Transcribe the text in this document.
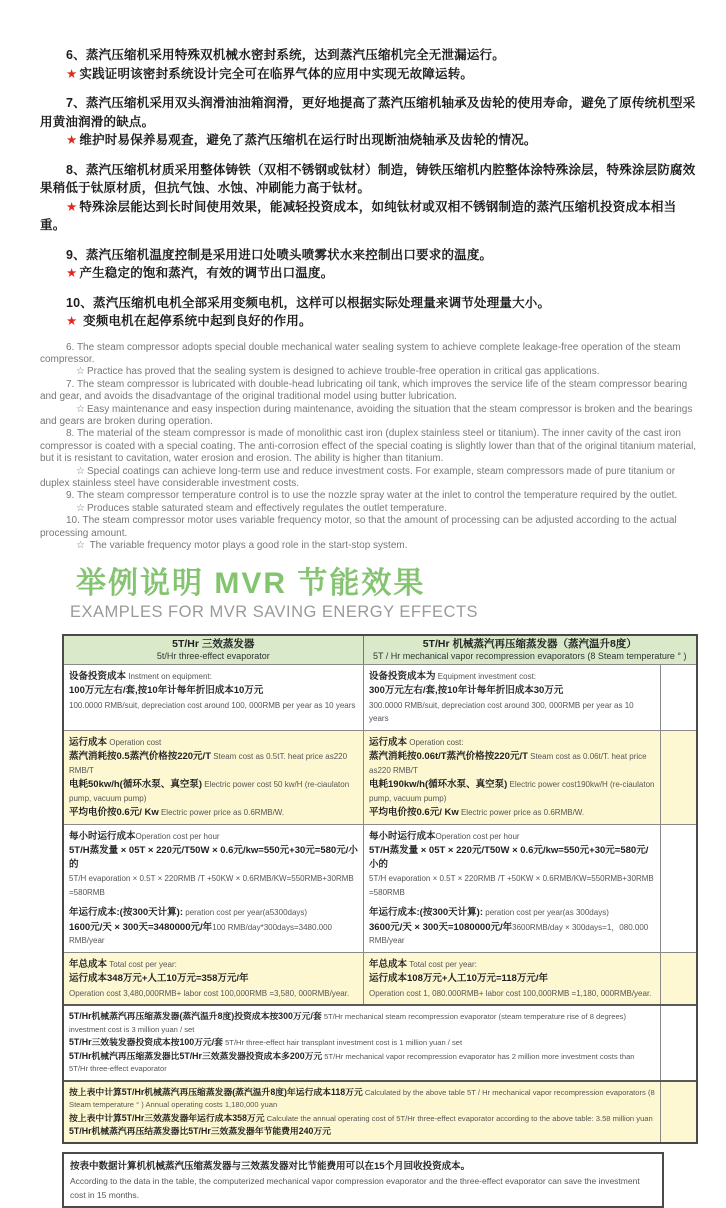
6、蒸汽压缩机采用特殊双机械水密封系统，达到蒸汽压缩机完全无泄漏运行。

★ 实践证明该密封系统设计完全可在临界气体的应用中实现无故障运转。

7、蒸汽压缩机采用双头润滑油油箱润滑，更好地提高了蒸汽压缩机轴承及齿轮的使用寿命，避免了原传统机型采用黄油润滑的缺点。

★ 维护时易保养易观查，避免了蒸汽压缩机在运行时出现断油烧轴承及齿轮的情况。

8、蒸汽压缩机材质采用整体铸铁（双相不锈钢或钛材）制造，铸铁压缩机内腔整体涂特殊涂层，特殊涂层防腐效果稍低于钛原材质，但抗气蚀、水蚀、冲刷能力高于钛材。

★ 特殊涂层能达到长时间使用效果，能减轻投资成本，如纯钛材或双相不锈钢制造的蒸汽压缩机投资成本相当重。

9、蒸汽压缩机温度控制是采用进口处喷头喷雾状水来控制出口要求的温度。

★ 产生稳定的饱和蒸汽，有效的调节出口温度。

10、蒸汽压缩机电机全部采用变频电机，这样可以根据实际处理量来调节处理量大小。

★ 变频电机在起停系统中起到良好的作用。

6. The steam compressor adopts special double mechanical water sealing system to achieve complete leakage-free operation of the steam compressor.

☆ Practice has proved that the sealing system is designed to achieve trouble-free operation in critical gas applications.

7. The steam compressor is lubricated with double-head lubricating oil tank, which improves the service life of the steam compressor bearing and gear, and avoids the disadvantage of the original traditional model using butter lubrication.

☆ Easy maintenance and easy inspection during maintenance, avoiding the situation that the steam compressor is broken and the bearings and gears are broken during operation.

8. The material of the steam compressor is made of monolithic cast iron (duplex stainless steel or titanium). The inner cavity of the cast iron compressor is coated with a special coating. The anti-corrosion effect of the special coating is slightly lower than that of the original titanium material, but it is resistant to cavitation, water erosion and erosion. The ability is higher than titanium.

☆ Special coatings can achieve long-term use and reduce investment costs. For example, steam compressors made of pure titanium or duplex stainless steel have considerable investment costs.

9. The steam compressor temperature control is to use the nozzle spray water at the inlet to control the temperature required by the outlet.

☆ Produces stable saturated steam and effectively regulates the outlet temperature.

10. The steam compressor motor uses variable frequency motor, so that the amount of processing can be adjusted according to the actual processing amount.

☆ The variable frequency motor plays a good role in the start-stop system.

举例说明 MVR 节能效果
EXAMPLES FOR MVR SAVING ENERGY EFFECTS
5T/Hr 三效蒸发器
5t/Hr three-effect evaporator
5T/Hr 机械蒸汽再压缩蒸发器（蒸汽温升8度）
5T / Hr mechanical vapor recompression evaporators (8 Steam temperature ° )
设备投资成本 Instment on equipment:
100万元左右/套,按10年计每年折旧成本10万元
100.0000 RMB/suit, depreciation cost around 100, 000RMB per year as 10 years
设备投资成本为 Equipment investment cost:
300万元左右/套,按10年计每年折旧成本30万元
300.0000 RMB/suit, depreciation cost around 300, 000RMB per year as 10 years
运行成本 Operation cost
蒸汽消耗按0.5蒸汽价格按220元/T Steam cost as 0.5tT. heat price as220 RMB/T
电耗50kw/h(循环水泵、真空泵) Electric power cost 50 kw/H (re-ciaulaton pump, vacuum pump)
平均电价按0.6元/ Kw Electric power price as 0.6RMB/W.
运行成本 Operation cost:
蒸汽消耗按0.06t/T蒸汽价格按220元/T Steam cost as 0.06t/T. heat price as220 RMB/T
电耗190kw/h(循环水泵、真空泵) Electric power cost190kw/H (re-ciaulaton pump, vacuum pump)
平均电价按0.6元/ Kw Electric power price as 0.6RMB/W.
每小时运行成本Operation cost per hour
5T/H蒸发量 × 05T × 220元/T50W × 0.6元/kw=550元+30元=580元/小的
5T/H evaporation × 0.5T × 220RMB /T +50KW × 0.6RMB/KW=550RMB+30RMB =580RMB
年运行成本:(按300天计算): peration cost per year(a5300days)
1600元/天 × 300天=3480000元/年100 RMB/day*300days=3480.000 RMB/year
每小时运行成本Operation cost per hour
5T/H蒸发量 × 05T × 220元/T50W × 0.6元/kw=550元+30元=580元/小的
5T/H evaporation × 0.5T × 220RMB /T +50KW × 0.6RMB/KW=550RMB+30RMB =580RMB
年运行成本:(按300天计算): peration cost per year(as 300days)
3600元/天 × 300天=1080000元/年3600RMB/day × 300days=1，080.000 RMB/year
年总成本 Total cost per year:
运行成本348万元+人工10万元=358万元/年
Operation cost 3,480,000RMB+ labor cost 100,000RMB =3,580, 000RMB/year.
年总成本 Total cost per year:
运行成本108万元+人工10万元=118万元/年
Operation cost 1, 080.000RMB+ labor cost 100,000RMB =1,180, 000RMB/year.
5T/Hr机械蒸汽再压缩蒸发器(蒸汽温升8度)投资成本按300万元/套 5T/Hr mechanical steam recompression evaporator (steam temperature rise of 8 degrees) investment cost is 3 million yuan / set
5T/Hr三效装发器投资成本按100万元/套 5T/Hr three-effect hair transplant investment cost is 1 million yuan / set
5T/Hr机械汽再压缩蒸发器比5T/Hr三效蒸发器投资成本多200万元 5T/Hr mechanical vapor recompression evaporator has 2 million more investment costs than 5T/Hr three-effect evaporator
按上表中计算5T/Hr机械蒸汽再压缩蒸发器(蒸汽温升8度)年运行成本118万元 Calculated by the above table 5T / Hr mechanical vapor recompression evaporators (8 Steam temperature ° ) Annual operating costs 1,180,000 yuan
按上表中计算5T/Hr三效蒸发器年运行成本358万元 Calculate the annual operating cost of 5T/Hr three-effect evaporator according to the above table: 3.58 million yuan
5T/Hr机械蒸汽再压结蒸发器比5T/Hr三效蒸发器年节能费用240万元
按表中数据计算机机械蒸汽压缩蒸发器与三效蒸发器对比节能费用可以在15个月回收投资成本。
According to the data in the table, the computerized mechanical vapor compression evaporator and the three-effect evaporator can save the investment cost in 15 months.
